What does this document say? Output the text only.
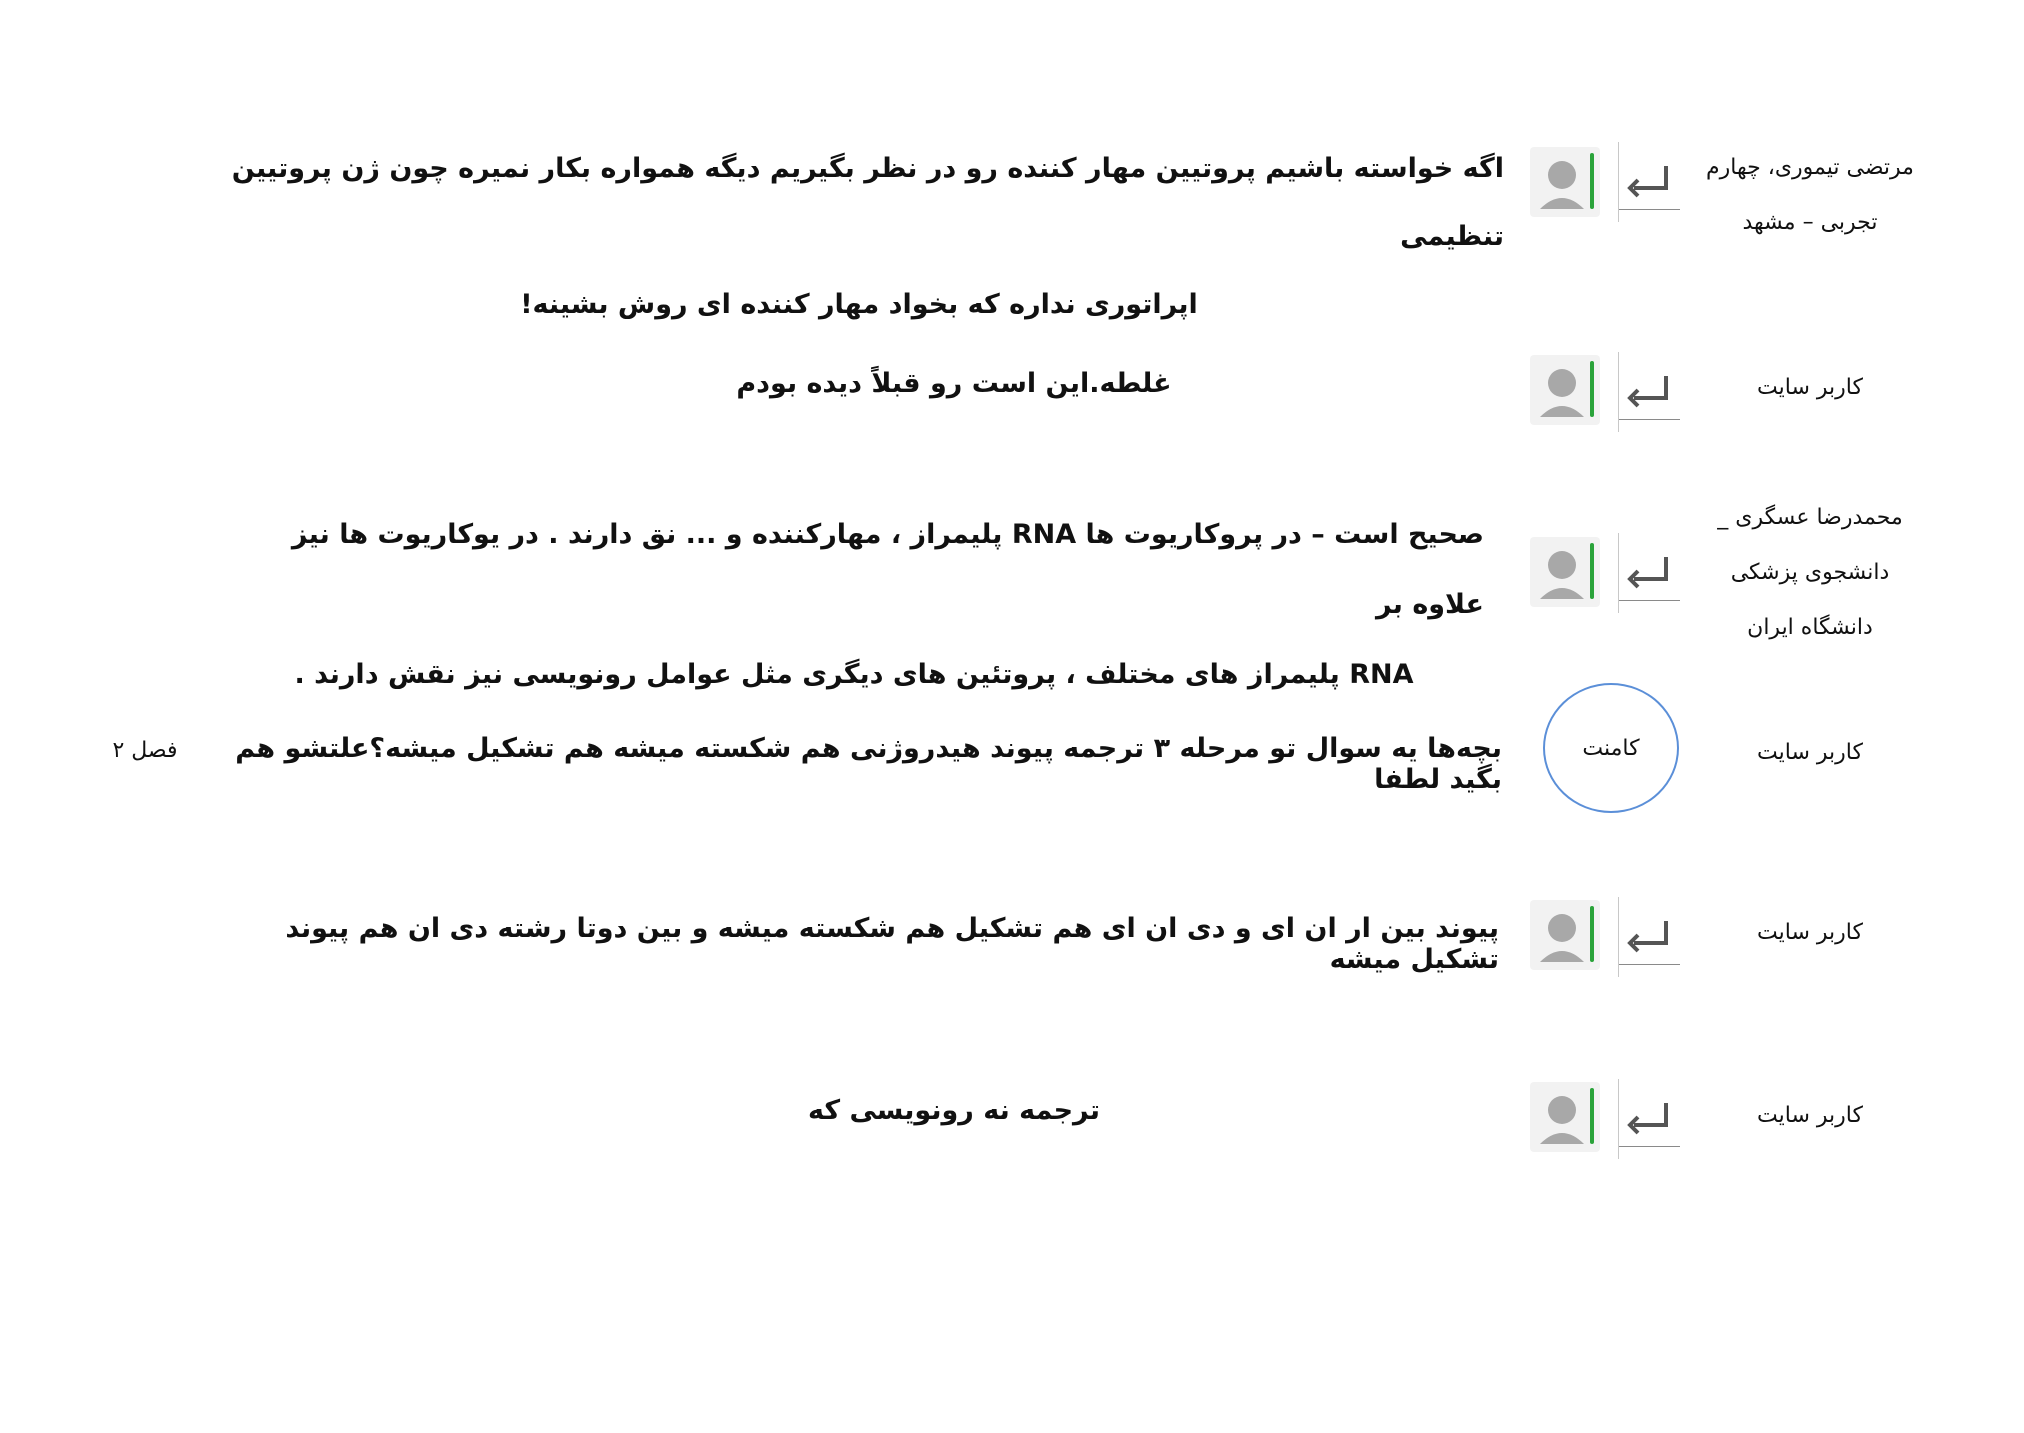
مرتضی تیموری، چهارم
تجربی – مشهد
اگه خواسته باشیم پروتیین مهار کننده رو در نظر بگیریم دیگه همواره بکار نمیره چون ژن پروتیین تنظیمی
اپراتوری نداره که بخواد مهار کننده ای روش بشینه!
کاربر سایت
غلطه.این است رو قبلاً دیده بودم
محمدرضا عسگری _
دانشجوی پزشکی
دانشگاه ایران
صحیح است – در پروکاریوت ها RNA پلیمراز ، مهارکننده و ... نق دارند . در یوکاریوت ها نیز علاوه بر
RNA پلیمراز های مختلف ، پروتئین های دیگری مثل عوامل رونویسی نیز نقش دارند .
کاربر سایت
کامنت
بچه‌ها یه سوال تو مرحله ۳ ترجمه پیوند هیدروژنی هم شکسته میشه هم تشکیل میشه؟علتشو هم بگید لطفا
فصل ۲
کاربر سایت
پیوند بین ار ان ای و دی ان ای هم تشکیل هم شکسته میشه و بین دوتا رشته دی ان هم پیوند تشکیل میشه
کاربر سایت
ترجمه نه رونویسی که
